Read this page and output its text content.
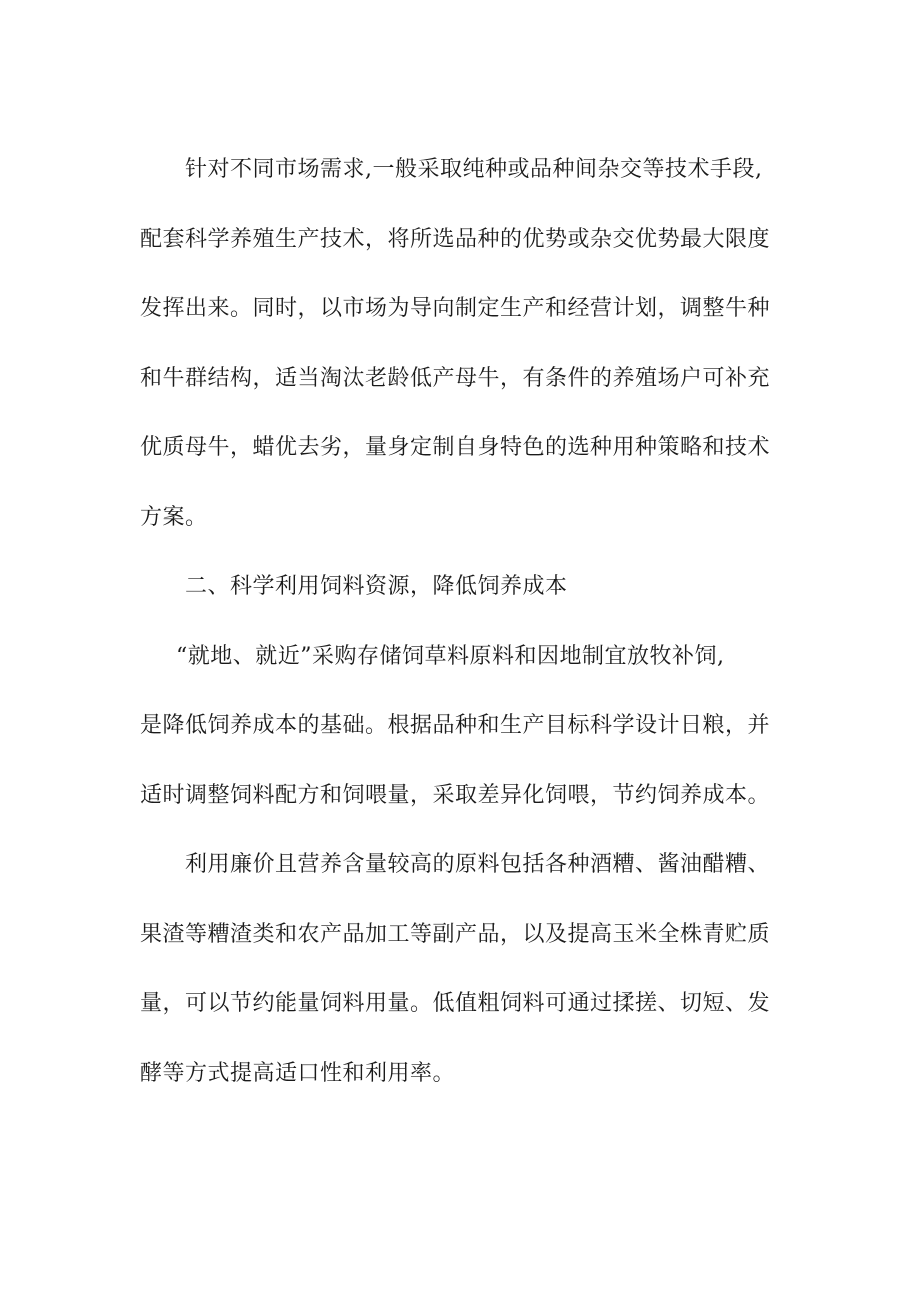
针对不同市场需求,一般采取纯种或品种间杂交等技术手段,
配套科学养殖生产技术，将所选品种的优势或杂交优势最大限度
发挥出来。同时，以市场为导向制定生产和经营计划，调整牛种
和牛群结构，适当淘汰老龄低产母牛，有条件的养殖场户可补充
优质母牛，蜡优去劣，量身定制自身特色的选种用种策略和技术
方案。
二、科学利用饲料资源，降低饲养成本
“就地、就近”采购存储饲草料原料和因地制宜放牧补饲,
是降低饲养成本的基础。根据品种和生产目标科学设计日粮，并
适时调整饲料配方和饲喂量，采取差异化饲喂，节约饲养成本。
利用廉价且营养含量较高的原料包括各种酒糟、酱油醋糟、
果渣等糟渣类和农产品加工等副产品，以及提高玉米全株青贮质
量，可以节约能量饲料用量。低值粗饲料可通过揉搓、切短、发
酵等方式提高适口性和利用率。
